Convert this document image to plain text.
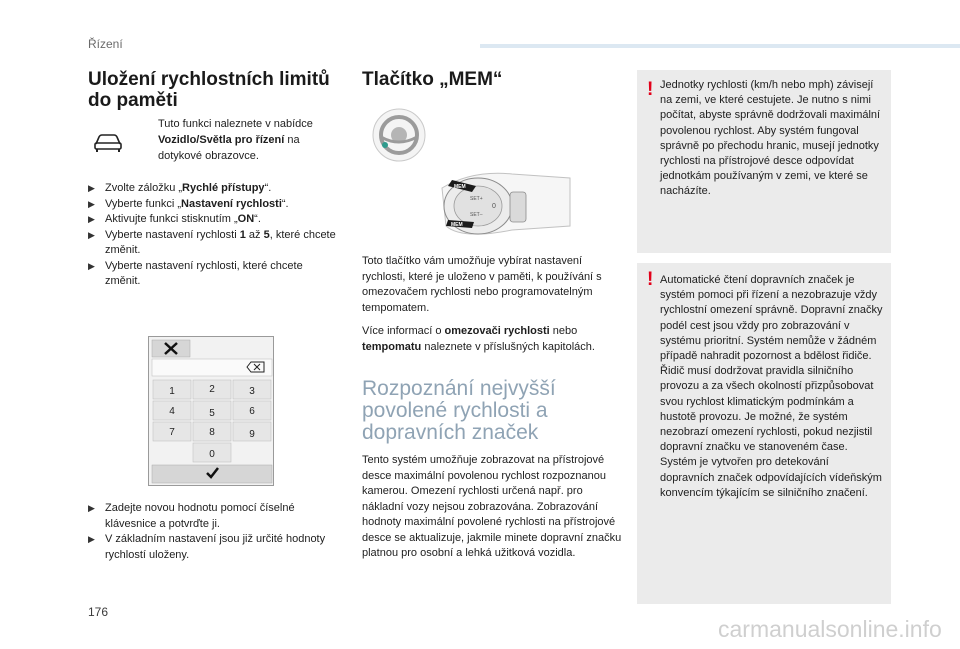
Řízení
Uložení rychlostních limitů do paměti
Tuto funkci naleznete v nabídce Vozidlo/Světla pro řízení na dotykové obrazovce.
▶ Zvolte záložku „Rychlé přístupy“.
▶ Vyberte funkci „Nastavení rychlosti“.
▶ Aktivujte funkci stisknutím „ON“.
▶ Vyberte nastavení rychlosti 1 až 5, které chcete změnit.
▶ Vyberte nastavení rychlosti, které chcete změnit.
1	2	3
4	5	6
7	8	9
0
▶ Zadejte novou hodnotu pomocí číselné klávesnice a potvrďte ji.
▶ V základním nastavení jsou již určité hodnoty rychlostí uloženy.
Tlačítko „MEM“
MEM
MEM
SET+
SET–
0
Toto tlačítko vám umožňuje vybírat nastavení rychlosti, které je uloženo v paměti, k používání s omezovačem rychlosti nebo programovatelným tempomatem.
Více informací o omezovači rychlosti nebo tempomatu naleznete v příslušných kapitolách.
Rozpoznání nejvyšší povolené rychlosti a dopravních značek
Tento systém umožňuje zobrazovat na přístrojové desce maximální povolenou rychlost rozpoznanou kamerou. Omezení rychlosti určená např. pro nákladní vozy nejsou zobrazována. Zobrazování hodnoty maximální povolené rychlosti na přístrojové desce se aktualizuje, jakmile minete dopravní značku platnou pro osobní a lehká užitková vozidla.
! Jednotky rychlosti (km/h nebo mph) závisejí na zemi, ve které cestujete. Je nutno s nimi počítat, abyste správně dodržovali maximální povolenou rychlost. Aby systém fungoval správně po přechodu hranic, musejí jednotky rychlosti na přístrojové desce odpovídat jednotkám používaným v zemi, ve které se nacházíte.
! Automatické čtení dopravních značek je systém pomoci při řízení a nezobrazuje vždy rychlostní omezení správně. Dopravní značky podél cest jsou vždy pro zobrazování v systému prioritní. Systém nemůže v žádném případě nahradit pozornost a bdělost řidiče. Řidič musí dodržovat pravidla silničního provozu a za všech okolností přizpůsobovat svou rychlost klimatickým podmínkám a hustotě provozu. Je možné, že systém nezobrazí omezení rychlosti, pokud nezjistil dopravní značku ve stanoveném čase. Systém je vytvořen pro detekování dopravních značek odpovídajících vídeňským konvencím týkajícím se silničního značení.
176
carmanualsonline.info
